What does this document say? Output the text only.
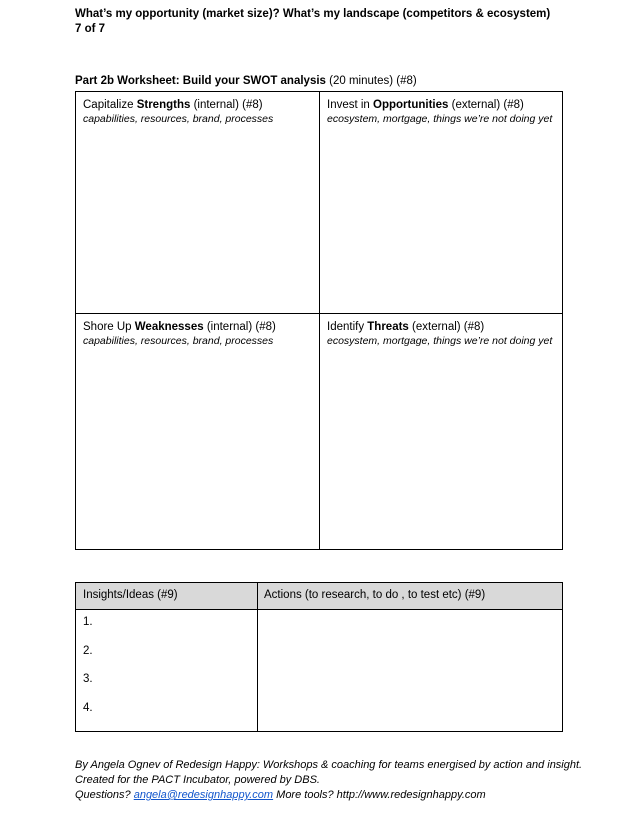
What’s my opportunity (market size)? What’s my landscape (competitors & ecosystem)
7 of 7
Part 2b Worksheet: Build your SWOT analysis (20 minutes) (#8)
Capitalize Strengths (internal) (#8)
capabilities, resources, brand, processes
Invest in Opportunities (external) (#8)
ecosystem, mortgage, things we’re not doing yet
Shore Up Weaknesses (internal) (#8)
capabilities, resources, brand, processes
Identify Threats (external) (#8)
ecosystem, mortgage, things we’re not doing yet
Insights/Ideas (#9)	Actions (to research, to do , to test etc) (#9)
1.
2.
3.
4.
By Angela Ognev of Redesign Happy: Workshops & coaching for teams energised by action and insight.
Created for the PACT Incubator, powered by DBS.
Questions? angela@redesignhappy.com More tools? http://www.redesignhappy.com
